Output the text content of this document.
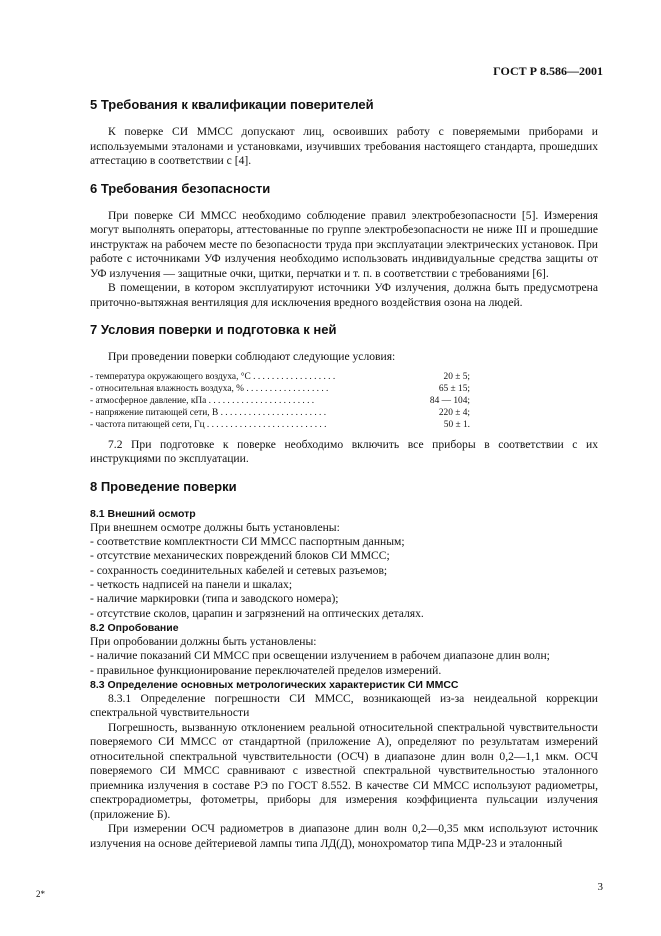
ГОСТ Р 8.586—2001
5 Требования к квалификации поверителей

К поверке СИ ММСС допускают лиц, освоивших работу с поверяемыми приборами и используемыми эталонами и установками, изучивших требования настоящего стандарта, прошедших аттестацию в соответствии с [4].

6 Требования безопасности

При поверке СИ ММСС необходимо соблюдение правил электробезопасности [5]. Измерения могут выполнять операторы, аттестованные по группе электробезопасности не ниже III и прошедшие инструктаж на рабочем месте по безопасности труда при эксплуатации электрических установок. При работе с источниками УФ излучения необходимо использовать индивидуальные средства защиты от УФ излучения — защитные очки, щитки, перчатки и т. п. в соответствии с требованиями [6].

В помещении, в котором эксплуатируют источники УФ излучения, должна быть предусмотрена приточно-вытяжная вентиляция для исключения вредного воздействия озона на людей.

7 Условия поверки и подготовка к ней

При проведении поверки соблюдают следующие условия:

- температура окружающего воздуха, °С . . . . . . . . . . . . . . . . . .	20 ± 5;
- относительная влажность воздуха, % . . . . . . . . . . . . . . . . . .	65 ± 15;
- атмосферное давление, кПа . . . . . . . . . . . . . . . . . . . . . . .	84 — 104;
- напряжение питающей сети, В . . . . . . . . . . . . . . . . . . . . . . .	220 ± 4;
- частота питающей сети, Гц . . . . . . . . . . . . . . . . . . . . . . . . . .	50 ± 1.

7.2 При подготовке к поверке необходимо включить все приборы в соответствии с их инструкциями по эксплуатации.

8 Проведение поверки
8.1 Внешний осмотр

При внешнем осмотре должны быть установлены:

- соответствие комплектности СИ ММСС паспортным данным;
- отсутствие механических повреждений блоков СИ ММСС;
- сохранность соединительных кабелей и сетевых разъемов;
- четкость надписей на панели и шкалах;
- наличие маркировки (типа и заводского номера);
- отсутствие сколов, царапин и загрязнений на оптических деталях.
8.2 Опробование

При опробовании должны быть установлены:

- наличие показаний СИ ММСС при освещении излучением в рабочем диапазоне длин волн;
- правильное функционирование переключателей пределов измерений.
8.3 Определение основных метрологических характеристик СИ ММСС

8.3.1 Определение погрешности СИ ММСС, возникающей из-за неидеальной коррекции спектральной чувствительности

Погрешность, вызванную отклонением реальной относительной спектральной чувствительности поверяемого СИ ММСС от стандартной (приложение А), определяют по результатам измерений относительной спектральной чувствительности (ОСЧ) в диапазоне длин волн 0,2—1,1 мкм. ОСЧ поверяемого СИ ММСС сравнивают с известной спектральной чувствительностью эталонного приемника излучения в составе РЭ по ГОСТ 8.552. В качестве СИ ММСС используют радиометры, спектрорадиометры, фотометры, приборы для измерения коэффициента пульсации излучения (приложение Б).

При измерении ОСЧ радиометров в диапазоне длин волн 0,2—0,35 мкм используют источник излучения на основе дейтериевой лампы типа ЛД(Д), монохроматор типа МДР-23 и эталонный

2*
3
